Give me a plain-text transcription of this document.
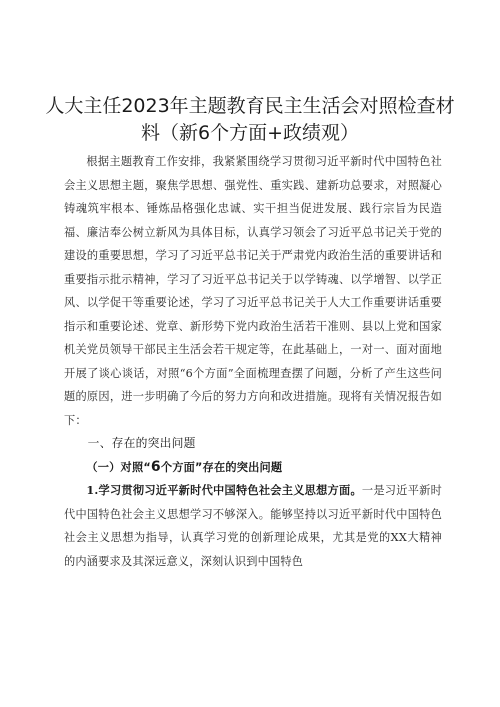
人大主任2023年主题教育民主生活会对照检查材料（新6个方面+政绩观）

根据主题教育工作安排，我紧紧围绕学习贯彻习近平新时代中国特色社会主义思想主题，聚焦学思想、强党性、重实践、建新功总要求，对照凝心铸魂筑牢根本、锤炼品格强化忠诚、实干担当促进发展、践行宗旨为民造福、廉洁奉公树立新风为具体目标，认真学习领会了习近平总书记关于党的建设的重要思想，学习了习近平总书记关于严肃党内政治生活的重要讲话和重要指示批示精神，学习了习近平总书记关于以学铸魂、以学增智、以学正风、以学促干等重要论述，学习了习近平总书记关于人大工作重要讲话重要指示和重要论述、党章、新形势下党内政治生活若干准则、县以上党和国家机关党员领导干部民主生活会若干规定等，在此基础上，一对一、面对面地开展了谈心谈话，对照“6个方面”全面梳理查摆了问题，分析了产生这些问题的原因，进一步明确了今后的努力方向和改进措施。现将有关情况报告如下：

一、存在的突出问题

（一）对照“6个方面”存在的突出问题

1.学习贯彻习近平新时代中国特色社会主义思想方面。一是习近平新时代中国特色社会主义思想学习不够深入。能够坚持以习近平新时代中国特色社会主义思想为指导，认真学习党的创新理论成果，尤其是党的XX大精神的内涵要求及其深远意义，深刻认识到中国特色
